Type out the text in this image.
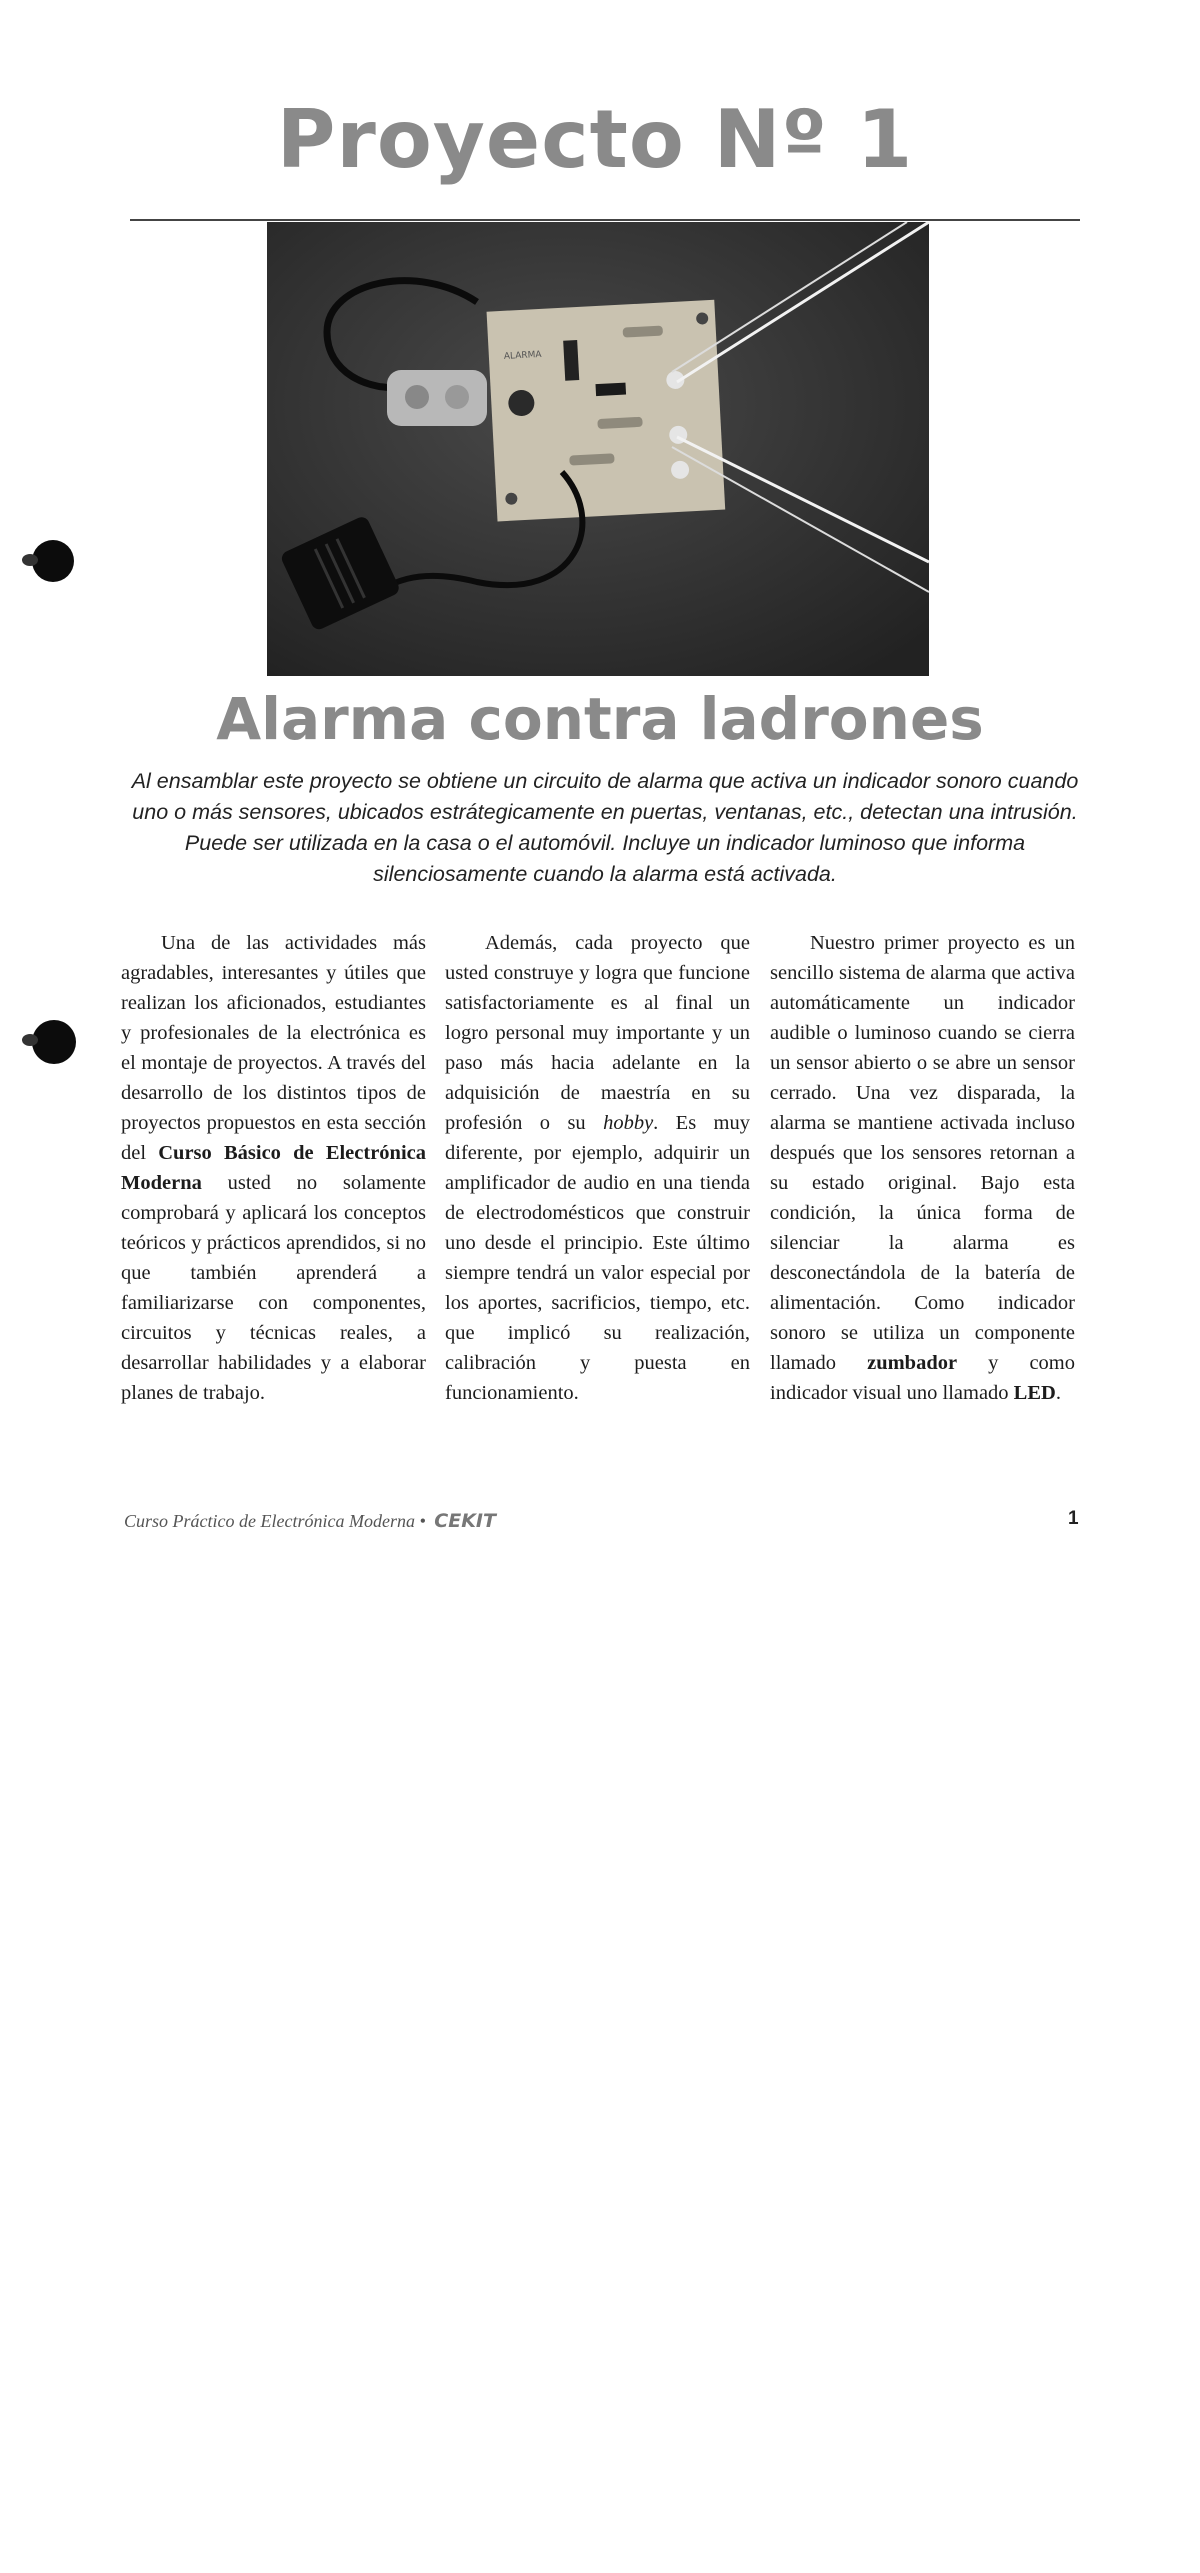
Proyecto Nº 1
ALARMA
Alarma contra ladrones

Al ensamblar este proyecto se obtiene un circuito de alarma que activa un indicador sonoro cuando uno o más sensores, ubicados estrátegicamente en puertas, ventanas, etc., detectan una intrusión. Puede ser utilizada en la casa o el automóvil. Incluye un indicador luminoso que informa silenciosamente cuando la alarma está activada.

Una de las actividades más agradables, interesantes y útiles que realizan los aficionados, estudiantes y profesionales de la electrónica es el montaje de proyectos. A través del desarrollo de los distintos tipos de proyectos propuestos en esta sección del Curso Básico de Electrónica Moderna usted no solamente comprobará y aplicará los conceptos teóricos y prácticos aprendidos, si no que también aprenderá a familiarizarse con componentes, circuitos y técnicas reales, a desarrollar habilidades y a elaborar planes de trabajo.

Además, cada proyecto que usted construye y logra que funcione satisfactoriamente es al final un logro personal muy importante y un paso más hacia adelante en la adquisición de maestría en su profesión o su hobby. Es muy diferente, por ejemplo, adquirir un amplificador de audio en una tienda de electrodomésticos que construir uno desde el principio. Este último siempre tendrá un valor especial por los aportes, sacrificios, tiempo, etc. que implicó su realización, calibración y puesta en funcionamiento.

Nuestro primer proyecto es un sencillo sistema de alarma que activa automáticamente un indicador audible o luminoso cuando se cierra un sensor abierto o se abre un sensor cerrado. Una vez disparada, la alarma se mantiene activada incluso después que los sensores retornan a su estado original. Bajo esta condición, la única forma de silenciar la alarma es desconectándola de la batería de alimentación. Como indicador sonoro se utiliza un componente llamado zumbador y como indicador visual uno llamado LED.

Curso Práctico de Electrónica Moderna • CEKIT	1
